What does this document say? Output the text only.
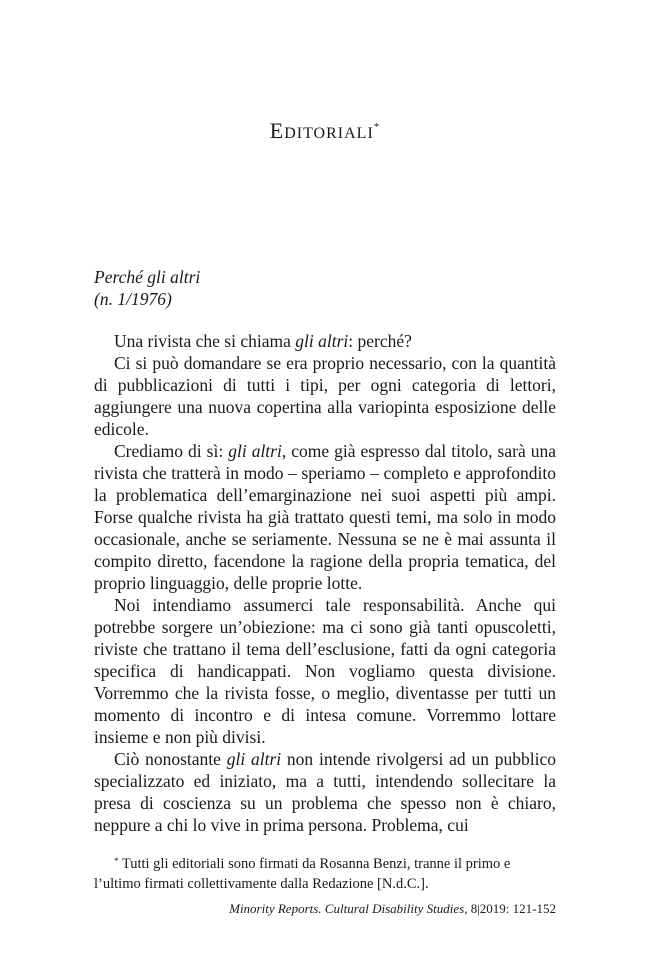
EDITORIALI*
Perché gli altri
(n. 1/1976)

Una rivista che si chiama gli altri: perché?

Ci si può domandare se era proprio necessario, con la quantità di pubblicazioni di tutti i tipi, per ogni categoria di lettori, aggiungere una nuova copertina alla variopinta esposizione delle edicole.

Crediamo di sì: gli altri, come già espresso dal titolo, sarà una rivista che tratterà in modo – speriamo – completo e approfondito la problematica dell’emarginazione nei suoi aspetti più ampi. Forse qualche rivista ha già trattato questi temi, ma solo in modo occasionale, anche se seriamente. Nessuna se ne è mai assunta il compito diretto, facendone la ragione della propria tematica, del proprio linguaggio, delle proprie lotte.

Noi intendiamo assumerci tale responsabilità. Anche qui potrebbe sorgere un’obiezione: ma ci sono già tanti opuscoletti, riviste che trattano il tema dell’esclusione, fatti da ogni categoria specifica di handicappati. Non vogliamo questa divisione. Vorremmo che la rivista fosse, o meglio, diventasse per tutti un momento di incontro e di intesa comune. Vorremmo lottare insieme e non più divisi.

Ciò nonostante gli altri non intende rivolgersi ad un pubblico specializzato ed iniziato, ma a tutti, intendendo sollecitare la presa di coscienza su un problema che spesso non è chiaro, neppure a chi lo vive in prima persona. Problema, cui

* Tutti gli editoriali sono firmati da Rosanna Benzi, tranne il primo e l’ultimo firmati collettivamente dalla Redazione [N.d.C.].
Minority Reports. Cultural Disability Studies, 8|2019: 121-152
